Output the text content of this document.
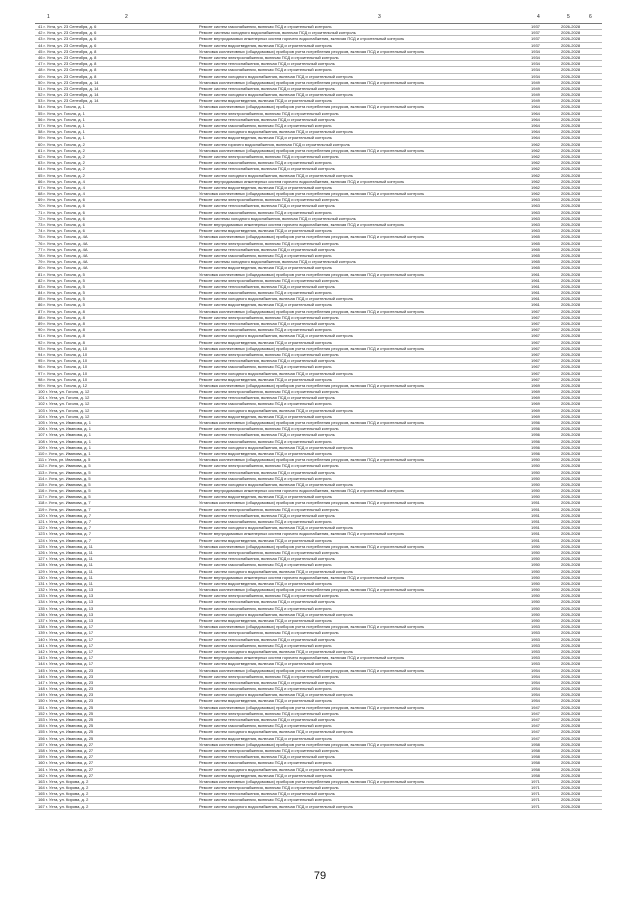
1	2	3	4	5	6
41 г. Ухта, ул. 23 Сентября, д. 6	Ремонт систем газоснабжения, включая ПСД и строительный контроль	1937	2026-2028
42 г. Ухта, ул. 23 Сентября, д. 6	Ремонт системы холодного водоснабжения, включая ПСД и строительный контроль	1937	2026-2028
43 г. Ухта, ул. 23 Сентября, д. 6	Ремонт внутридомовых инженерных систем горячего водоснабжения, включая ПСД и строительный контроль	1937	2026-2028
44 г. Ухта, ул. 23 Сентября, д. 6	Ремонт систем водоотведения, включая ПСД и строительный контроль	1937	2026-2028
45 г. Ухта, ул. 23 Сентября, д. 8	Установка коллективных (общедомовых) приборов учета потребления ресурсов, включая ПСД и строительный контроль	1934	2026-2028
46 г. Ухта, ул. 23 Сентября, д. 8	Ремонт систем электроснабжения, включая ПСД и строительный контроль	1934	2026-2028
47 г. Ухта, ул. 23 Сентября, д. 8	Ремонт систем теплоснабжения, включая ПСД и строительный контроль	1934	2026-2028
48 г. Ухта, ул. 23 Сентября, д. 8	Ремонт систем газоснабжения, включая ПСД и строительный контроль	1934	2026-2028
49 г. Ухта, ул. 23 Сентября, д. 8	Ремонт систем холодного водоснабжения, включая ПСД и строительный контроль	1934	2026-2028
50 г. Ухта, ул. 23 Сентября, д. 14	Установка коллективных (общедомовых) приборов учета потребления ресурсов, включая ПСД и строительный контроль	1949	2026-2028
51 г. Ухта, ул. 23 Сентября, д. 14	Ремонт систем теплоснабжения, включая ПСД и строительный контроль	1949	2026-2028
52 г. Ухта, ул. 23 Сентября, д. 14	Ремонт систем холодного водоснабжения, включая ПСД и строительный контроль	1949	2026-2028
53 г. Ухта, ул. 23 Сентября, д. 14	Ремонт систем водоотведения, включая ПСД и строительный контроль	1949	2026-2028
54 г. Ухта, ул. Гоголя, д. 1	Установка коллективных (общедомовых) приборов учета потребления ресурсов, включая ПСД и строительный контроль	1964	2026-2028
55 г. Ухта, ул. Гоголя, д. 1	Ремонт систем электроснабжения, включая ПСД и строительный контроль	1964	2026-2028
56 г. Ухта, ул. Гоголя, д. 1	Ремонт систем теплоснабжения, включая ПСД и строительный контроль	1964	2026-2028
57 г. Ухта, ул. Гоголя, д. 1	Ремонт систем газоснабжения, включая ПСД и строительный контроль	1964	2026-2028
58 г. Ухта, ул. Гоголя, д. 1	Ремонт систем холодного водоснабжения, включая ПСД и строительный контроль	1964	2026-2028
59 г. Ухта, ул. Гоголя, д. 1	Ремонт систем водоотведения, включая ПСД и строительный контроль	1964	2026-2028
60 г. Ухта, ул. Гоголя, д. 2	Ремонт систем горячего водоснабжения, включая ПСД и строительный контроль	1962	2026-2028
61 г. Ухта, ул. Гоголя, д. 2	Установка коллективных (общедомовых) приборов учета потребления ресурсов, включая ПСД и строительный контроль	1962	2026-2028
62 г. Ухта, ул. Гоголя, д. 2	Ремонт систем электроснабжения, включая ПСД и строительный контроль	1962	2026-2028
63 г. Ухта, ул. Гоголя, д. 2	Ремонт систем газоснабжения, включая ПСД и строительный контроль	1962	2026-2028
64 г. Ухта, ул. Гоголя, д. 2	Ремонт систем теплоснабжения, включая ПСД и строительный контроль	1962	2026-2028
65 г. Ухта, ул. Гоголя, д. 2	Ремонт систем холодного водоснабжения, включая ПСД и строительный контроль	1962	2026-2028
66 г. Ухта, ул. Гоголя, д. 4	Ремонт внутридомовых инженерных систем горячего водоснабжения, включая ПСД и строительный контроль	1962	2026-2028
67 г. Ухта, ул. Гоголя, д. 4	Ремонт систем водоотведения, включая ПСД и строительный контроль	1962	2026-2028
68 г. Ухта, ул. Гоголя, д. 4	Установка коллективных (общедомовых) приборов учета потребления ресурсов, включая ПСД и строительный контроль	1962	2026-2028
69 г. Ухта, ул. Гоголя, д. 6	Ремонт систем электроснабжения, включая ПСД и строительный контроль	1963	2026-2028
70 г. Ухта, ул. Гоголя, д. 6	Ремонт систем теплоснабжения, включая ПСД и строительный контроль	1963	2026-2028
71 г. Ухта, ул. Гоголя, д. 6	Ремонт систем газоснабжения, включая ПСД и строительный контроль	1963	2026-2028
72 г. Ухта, ул. Гоголя, д. 6	Ремонт системы холодного водоснабжения, включая ПСД и строительный контроль	1963	2026-2028
73 г. Ухта, ул. Гоголя, д. 6	Ремонт внутридомовых инженерных систем горячего водоснабжения, включая ПСД и строительный контроль	1963	2026-2028
74 г. Ухта, ул. Гоголя, д. 6	Ремонт систем водоотведения, включая ПСД и строительный контроль	1963	2026-2028
75 г. Ухта, ул. Гоголя, д. 4А	Установка коллективных (общедомовых) приборов учета потребления ресурсов, включая ПСД и строительный контроль	1965	2026-2028
76 г. Ухта, ул. Гоголя, д. 4А	Ремонт систем электроснабжения, включая ПСД и строительный контроль	1965	2026-2028
77 г. Ухта, ул. Гоголя, д. 4А	Ремонт систем теплоснабжения, включая ПСД и строительный контроль	1965	2026-2028
78 г. Ухта, ул. Гоголя, д. 4А	Ремонт систем газоснабжения, включая ПСД и строительный контроль	1965	2026-2028
79 г. Ухта, ул. Гоголя, д. 4А	Ремонт системы холодного водоснабжения, включая ПСД и строительный контроль	1965	2026-2028
80 г. Ухта, ул. Гоголя, д. 4А	Ремонт систем водоотведения, включая ПСД и строительный контроль	1965	2026-2028
81 г. Ухта, ул. Гоголя, д. 5	Установка коллективных (общедомовых) приборов учета потребления ресурсов, включая ПСД и строительный контроль	1961	2026-2028
82 г. Ухта, ул. Гоголя, д. 5	Ремонт систем электроснабжения, включая ПСД и строительный контроль	1961	2026-2028
83 г. Ухта, ул. Гоголя, д. 5	Ремонт систем теплоснабжения, включая ПСД и строительный контроль	1961	2026-2028
84 г. Ухта, ул. Гоголя, д. 5	Ремонт систем газоснабжения, включая ПСД и строительный контроль	1961	2026-2028
85 г. Ухта, ул. Гоголя, д. 5	Ремонт систем холодного водоснабжения, включая ПСД и строительный контроль	1961	2026-2028
86 г. Ухта, ул. Гоголя, д. 5	Ремонт систем водоотведения, включая ПСД и строительный контроль	1961	2026-2028
87 г. Ухта, ул. Гоголя, д. 8	Установка коллективных (общедомовых) приборов учета потребления ресурсов, включая ПСД и строительный контроль	1967	2026-2028
88 г. Ухта, ул. Гоголя, д. 8	Ремонт систем электроснабжения, включая ПСД и строительный контроль	1967	2026-2028
89 г. Ухта, ул. Гоголя, д. 8	Ремонт систем теплоснабжения, включая ПСД и строительный контроль	1967	2026-2028
90 г. Ухта, ул. Гоголя, д. 8	Ремонт систем газоснабжения, включая ПСД и строительный контроль	1967	2026-2028
91 г. Ухта, ул. Гоголя, д. 8	Ремонт систем холодного водоснабжения, включая ПСД и строительный контроль	1967	2026-2028
92 г. Ухта, ул. Гоголя, д. 8	Ремонт систем водоотведения, включая ПСД и строительный контроль	1967	2026-2028
93 г. Ухта, ул. Гоголя, д. 10	Установка коллективных (общедомовых) приборов учета потребления ресурсов, включая ПСД и строительный контроль	1967	2026-2028
94 г. Ухта, ул. Гоголя, д. 10	Ремонт систем электроснабжения, включая ПСД и строительный контроль	1967	2026-2028
95 г. Ухта, ул. Гоголя, д. 10	Ремонт систем теплоснабжения, включая ПСД и строительный контроль	1967	2026-2028
96 г. Ухта, ул. Гоголя, д. 10	Ремонт систем газоснабжения, включая ПСД и строительный контроль	1967	2026-2028
97 г. Ухта, ул. Гоголя, д. 10	Ремонт систем холодного водоснабжения, включая ПСД и строительный контроль	1967	2026-2028
98 г. Ухта, ул. Гоголя, д. 10	Ремонт систем водоотведения, включая ПСД и строительный контроль	1967	2026-2028
99 г. Ухта, ул. Гоголя, д. 12	Установка коллективных (общедомовых) приборов учета потребления ресурсов, включая ПСД и строительный контроль	1969	2026-2028
100 г. Ухта, ул. Гоголя, д. 12	Ремонт систем электроснабжения, включая ПСД и строительный контроль	1969	2026-2028
101 г. Ухта, ул. Гоголя, д. 12	Ремонт систем теплоснабжения, включая ПСД и строительный контроль	1969	2026-2028
102 г. Ухта, ул. Гоголя, д. 12	Ремонт систем газоснабжения, включая ПСД и строительный контроль	1969	2026-2028
103 г. Ухта, ул. Гоголя, д. 12	Ремонт систем холодного водоснабжения, включая ПСД и строительный контроль	1969	2026-2028
104 г. Ухта, ул. Гоголя, д. 12	Ремонт систем водоотведения, включая ПСД и строительный контроль	1969	2026-2028
105 г. Ухта, ул. Иванова, д. 1	Установка коллективных (общедомовых) приборов учета потребления ресурсов, включая ПСД и строительный контроль	1956	2026-2028
106 г. Ухта, ул. Иванова, д. 1	Ремонт систем электроснабжения, включая ПСД и строительный контроль	1956	2026-2028
107 г. Ухта, ул. Иванова, д. 1	Ремонт систем теплоснабжения, включая ПСД и строительный контроль	1956	2026-2028
108 г. Ухта, ул. Иванова, д. 1	Ремонт систем газоснабжения, включая ПСД и строительный контроль	1956	2026-2028
109 г. Ухта, ул. Иванова, д. 1	Ремонт систем холодного водоснабжения, включая ПСД и строительный контроль	1956	2026-2028
110 г. Ухта, ул. Иванова, д. 1	Ремонт систем водоотведения, включая ПСД и строительный контроль	1956	2026-2028
111 г. Ухта, ул. Иванова, д. 5	Установка коллективных (общедомовых) приборов учета потребления ресурсов, включая ПСД и строительный контроль	1950	2026-2028
112 г. Ухта, ул. Иванова, д. 5	Ремонт систем электроснабжения, включая ПСД и строительный контроль	1950	2026-2028
113 г. Ухта, ул. Иванова, д. 5	Ремонт систем теплоснабжения, включая ПСД и строительный контроль	1950	2026-2028
114 г. Ухта, ул. Иванова, д. 5	Ремонт систем газоснабжения, включая ПСД и строительный контроль	1950	2026-2028
115 г. Ухта, ул. Иванова, д. 5	Ремонт систем холодного водоснабжения, включая ПСД и строительный контроль	1950	2026-2028
116 г. Ухта, ул. Иванова, д. 5	Ремонт внутридомовых инженерных систем горячего водоснабжения, включая ПСД и строительный контроль	1950	2026-2028
117 г. Ухта, ул. Иванова, д. 5	Ремонт систем водоотведения, включая ПСД и строительный контроль	1950	2026-2028
118 г. Ухта, ул. Иванова, д. 7	Установка коллективных (общедомовых) приборов учета потребления ресурсов, включая ПСД и строительный контроль	1951	2026-2028
119 г. Ухта, ул. Иванова, д. 7	Ремонт систем электроснабжения, включая ПСД и строительный контроль	1951	2026-2028
120 г. Ухта, ул. Иванова, д. 7	Ремонт систем теплоснабжения, включая ПСД и строительный контроль	1951	2026-2028
121 г. Ухта, ул. Иванова, д. 7	Ремонт систем газоснабжения, включая ПСД и строительный контроль	1951	2026-2028
122 г. Ухта, ул. Иванова, д. 7	Ремонт систем холодного водоснабжения, включая ПСД и строительный контроль	1951	2026-2028
123 г. Ухта, ул. Иванова, д. 7	Ремонт внутридомовых инженерных систем горячего водоснабжения, включая ПСД и строительный контроль	1951	2026-2028
124 г. Ухта, ул. Иванова, д. 7	Ремонт систем водоотведения, включая ПСД и строительный контроль	1951	2026-2028
125 г. Ухта, ул. Иванова, д. 11	Установка коллективных (общедомовых) приборов учета потребления ресурсов, включая ПСД и строительный контроль	1950	2026-2028
126 г. Ухта, ул. Иванова, д. 11	Ремонт систем электроснабжения, включая ПСД и строительный контроль	1950	2026-2028
127 г. Ухта, ул. Иванова, д. 11	Ремонт систем теплоснабжения, включая ПСД и строительный контроль	1950	2026-2028
128 г. Ухта, ул. Иванова, д. 11	Ремонт систем газоснабжения, включая ПСД и строительный контроль	1950	2026-2028
129 г. Ухта, ул. Иванова, д. 11	Ремонт систем холодного водоснабжения, включая ПСД и строительный контроль	1950	2026-2028
130 г. Ухта, ул. Иванова, д. 11	Ремонт внутридомовых инженерных систем горячего водоснабжения, включая ПСД и строительный контроль	1950	2026-2028
131 г. Ухта, ул. Иванова, д. 11	Ремонт систем водоотведения, включая ПСД и строительный контроль	1950	2026-2028
132 г. Ухта, ул. Иванова, д. 13	Установка коллективных (общедомовых) приборов учета потребления ресурсов, включая ПСД и строительный контроль	1950	2026-2028
133 г. Ухта, ул. Иванова, д. 13	Ремонт систем электроснабжения, включая ПСД и строительный контроль	1950	2026-2028
134 г. Ухта, ул. Иванова, д. 13	Ремонт систем теплоснабжения, включая ПСД и строительный контроль	1950	2026-2028
135 г. Ухта, ул. Иванова, д. 13	Ремонт систем газоснабжения, включая ПСД и строительный контроль	1950	2026-2028
136 г. Ухта, ул. Иванова, д. 13	Ремонт систем холодного водоснабжения, включая ПСД и строительный контроль	1950	2026-2028
137 г. Ухта, ул. Иванова, д. 13	Ремонт систем водоотведения, включая ПСД и строительный контроль	1950	2026-2028
138 г. Ухта, ул. Иванова, д. 17	Установка коллективных (общедомовых) приборов учета потребления ресурсов, включая ПСД и строительный контроль	1953	2026-2028
139 г. Ухта, ул. Иванова, д. 17	Ремонт систем электроснабжения, включая ПСД и строительный контроль	1953	2026-2028
140 г. Ухта, ул. Иванова, д. 17	Ремонт систем теплоснабжения, включая ПСД и строительный контроль	1953	2026-2028
141 г. Ухта, ул. Иванова, д. 17	Ремонт систем газоснабжения, включая ПСД и строительный контроль	1953	2026-2028
142 г. Ухта, ул. Иванова, д. 17	Ремонт систем холодного водоснабжения, включая ПСД и строительный контроль	1953	2026-2028
143 г. Ухта, ул. Иванова, д. 17	Ремонт внутридомовых инженерных систем горячего водоснабжения, включая ПСД и строительный контроль	1953	2026-2028
144 г. Ухта, ул. Иванова, д. 17	Ремонт систем водоотведения, включая ПСД и строительный контроль	1953	2026-2028
145 г. Ухта, ул. Иванова, д. 23	Установка коллективных (общедомовых) приборов учета потребления ресурсов, включая ПСД и строительный контроль	1954	2026-2028
146 г. Ухта, ул. Иванова, д. 23	Ремонт систем электроснабжения, включая ПСД и строительный контроль	1954	2026-2028
147 г. Ухта, ул. Иванова, д. 23	Ремонт систем теплоснабжения, включая ПСД и строительный контроль	1954	2026-2028
148 г. Ухта, ул. Иванова, д. 23	Ремонт систем газоснабжения, включая ПСД и строительный контроль	1954	2026-2028
149 г. Ухта, ул. Иванова, д. 23	Ремонт систем холодного водоснабжения, включая ПСД и строительный контроль	1954	2026-2028
150 г. Ухта, ул. Иванова, д. 23	Ремонт систем водоотведения, включая ПСД и строительный контроль	1954	2026-2028
151 г. Ухта, ул. Иванова, д. 25	Установка коллективных (общедомовых) приборов учета потребления ресурсов, включая ПСД и строительный контроль	1947	2026-2028
152 г. Ухта, ул. Иванова, д. 25	Ремонт систем электроснабжения, включая ПСД и строительный контроль	1947	2026-2028
153 г. Ухта, ул. Иванова, д. 25	Ремонт систем теплоснабжения, включая ПСД и строительный контроль	1947	2026-2028
154 г. Ухта, ул. Иванова, д. 25	Ремонт систем газоснабжения, включая ПСД и строительный контроль	1947	2026-2028
155 г. Ухта, ул. Иванова, д. 25	Ремонт систем холодного водоснабжения, включая ПСД и строительный контроль	1947	2026-2028
156 г. Ухта, ул. Иванова, д. 25	Ремонт систем водоотведения, включая ПСД и строительный контроль	1947	2026-2028
157 г. Ухта, ул. Иванова, д. 27	Установка коллективных (общедомовых) приборов учета потребления ресурсов, включая ПСД и строительный контроль	1958	2026-2028
158 г. Ухта, ул. Иванова, д. 27	Ремонт систем электроснабжения, включая ПСД и строительный контроль	1958	2026-2028
159 г. Ухта, ул. Иванова, д. 27	Ремонт систем теплоснабжения, включая ПСД и строительный контроль	1958	2026-2028
160 г. Ухта, ул. Иванова, д. 27	Ремонт систем газоснабжения, включая ПСД и строительный контроль	1958	2026-2028
161 г. Ухта, ул. Иванова, д. 27	Ремонт систем холодного водоснабжения, включая ПСД и строительный контроль	1958	2026-2028
162 г. Ухта, ул. Иванова, д. 27	Ремонт систем водоотведения, включая ПСД и строительный контроль	1958	2026-2028
163 г. Ухта, ул. Кирова, д. 2	Установка коллективных (общедомовых) приборов учета потребления ресурсов, включая ПСД и строительный контроль	1971	2026-2028
164 г. Ухта, ул. Кирова, д. 2	Ремонт систем электроснабжения, включая ПСД и строительный контроль	1971	2026-2028
165 г. Ухта, ул. Кирова, д. 2	Ремонт систем теплоснабжения, включая ПСД и строительный контроль	1971	2026-2028
166 г. Ухта, ул. Кирова, д. 2	Ремонт систем газоснабжения, включая ПСД и строительный контроль	1971	2026-2028
167 г. Ухта, ул. Кирова, д. 2	Ремонт систем холодного водоснабжения, включая ПСД и строительный контроль	1971	2026-2028
79
